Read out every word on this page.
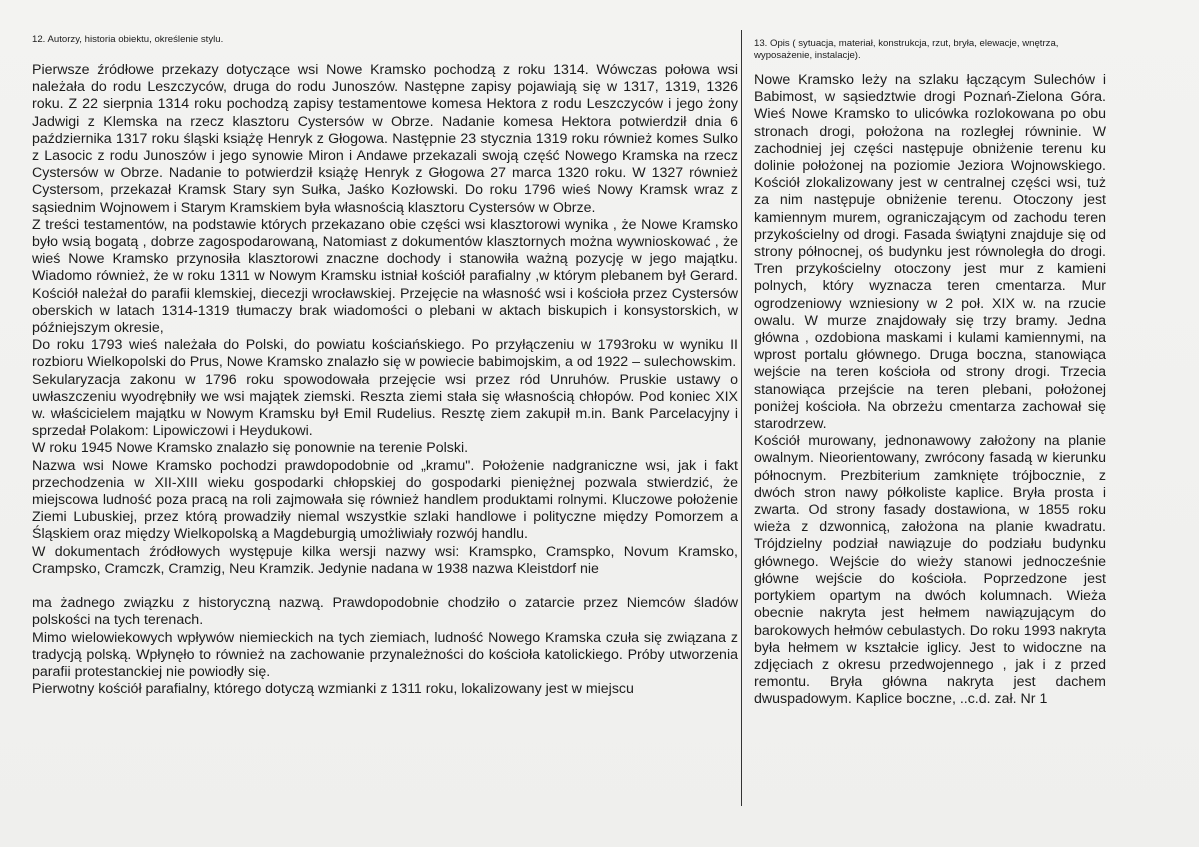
12. Autorzy, historia obiektu, określenie stylu.

Pierwsze źródłowe przekazy dotyczące wsi Nowe Kramsko pochodzą z roku 1314. Wówczas połowa wsi należała do rodu Leszczyców, druga do rodu Junoszów. Następne zapisy pojawiają się w 1317, 1319, 1326 roku. Z 22 sierpnia 1314 roku pochodzą zapisy testamentowe komesa Hektora z rodu Leszczyców i jego żony Jadwigi z Klemska na rzecz klasztoru Cystersów w Obrze. Nadanie komesa Hektora potwierdził dnia 6 października 1317 roku śląski książę Henryk z Głogowa. Następnie 23 stycznia 1319 roku również komes Sulko z Lasocic z rodu Junoszów i jego synowie Miron i Andawe przekazali swoją część Nowego Kramska na rzecz Cystersów w Obrze. Nadanie to potwierdził książę Henryk z Głogowa 27 marca 1320 roku. W 1327 również Cystersom, przekazał Kramsk Stary syn Sułka, Jaśko Kozłowski. Do roku 1796 wieś Nowy Kramsk wraz z sąsiednim Wojnowem i Starym Kramskiem była własnością klasztoru Cystersów w Obrze.

Z treści testamentów, na podstawie których przekazano obie części wsi klasztorowi wynika , że Nowe Kramsko było wsią bogatą , dobrze zagospodarowaną, Natomiast z dokumentów klasztornych można wywnioskować , że wieś Nowe Kramsko przynosiła klasztorowi znaczne dochody i stanowiła ważną pozycję w jego majątku. Wiadomo również, że w roku 1311 w Nowym Kramsku istniał kościół parafialny ,w którym plebanem był Gerard. Kościół należał do parafii klemskiej, diecezji wrocławskiej. Przejęcie na własność wsi i kościoła przez Cystersów oberskich w latach 1314-1319 tłumaczy brak wiadomości o plebani w aktach biskupich i konsystorskich, w późniejszym okresie,

Do roku 1793 wieś należała do Polski, do powiatu kościańskiego. Po przyłączeniu w 1793roku w wyniku II rozbioru Wielkopolski do Prus, Nowe Kramsko znalazło się w powiecie babimojskim, a od 1922 – sulechowskim.

Sekularyzacja zakonu w 1796 roku spowodowała przejęcie wsi przez ród Unruhów. Pruskie ustawy o uwłaszczeniu wyodrębniły we wsi majątek ziemski. Reszta ziemi stała się własnością chłopów. Pod koniec XIX w. właścicielem majątku w Nowym Kramsku był Emil Rudelius. Resztę ziem zakupił m.in. Bank Parcelacyjny i sprzedał Polakom: Lipowiczowi i Heydukowi.

W roku 1945 Nowe Kramsko znalazło się ponownie na terenie Polski.

Nazwa wsi Nowe Kramsko pochodzi prawdopodobnie od „kramu". Położenie nadgraniczne wsi, jak i fakt przechodzenia w XII-XIII wieku gospodarki chłopskiej do gospodarki pieniężnej pozwala stwierdzić, że miejscowa ludność poza pracą na roli zajmowała się również handlem produktami rolnymi. Kluczowe położenie Ziemi Lubuskiej, przez którą prowadziły niemal wszystkie szlaki handlowe i polityczne między Pomorzem a Śląskiem oraz między Wielkopolską a Magdeburgią umożliwiały rozwój handlu.

W dokumentach źródłowych występuje kilka wersji nazwy wsi: Kramspko, Cramspko, Novum Kramsko, Crampsko, Cramczk, Cramzig, Neu Kramzik. Jedynie nadana w 1938 nazwa Kleistdorf nie

ma żadnego związku z historyczną nazwą. Prawdopodobnie chodziło o zatarcie przez Niemców śladów polskości na tych terenach.

Mimo wielowiekowych wpływów niemieckich na tych ziemiach, ludność Nowego Kramska czuła się związana z tradycją polską. Wpłynęło to również na zachowanie przynależności do kościoła katolickiego. Próby utworzenia parafii protestanckiej nie powiodły się.

Pierwotny kościół parafialny, którego dotyczą wzmianki z 1311 roku, lokalizowany jest w miejscu

13. Opis ( sytuacja, materiał, konstrukcja, rzut, bryła, elewacje, wnętrza, wyposażenie, instalacje).

Nowe Kramsko leży na szlaku łączącym Sulechów i Babimost, w sąsiedztwie drogi Poznań-Zielona Góra. Wieś Nowe Kramsko to ulicówka rozlokowana po obu stronach drogi, położona na rozległej równinie. W zachodniej jej części następuje obniżenie terenu ku dolinie położonej na poziomie Jeziora Wojnowskiego. Kościół zlokalizowany jest w centralnej części wsi, tuż za nim następuje obniżenie terenu. Otoczony jest kamiennym murem, ograniczającym od zachodu teren przykościelny od drogi. Fasada świątyni znajduje się od strony północnej, oś budynku jest równoległa do drogi. Tren przykościelny otoczony jest mur z kamieni polnych, który wyznacza teren cmentarza. Mur ogrodzeniowy wzniesiony w 2 poł. XIX w. na rzucie owalu. W murze znajdowały się trzy bramy. Jedna główna , ozdobiona maskami i kulami kamiennymi, na wprost portalu głównego. Druga boczna, stanowiąca wejście na teren kościoła od strony drogi. Trzecia stanowiąca przejście na teren plebani, położonej poniżej kościoła. Na obrzeżu cmentarza zachował się starodrzew.

Kościół murowany, jednonawowy założony na planie owalnym. Nieorientowany, zwrócony fasadą w kierunku północnym. Prezbiterium zamknięte trójbocznie, z dwóch stron nawy półkoliste kaplice. Bryła prosta i zwarta. Od strony fasady dostawiona, w 1855 roku wieża z dzwonnicą, założona na planie kwadratu. Trójdzielny podział nawiązuje do podziału budynku głównego. Wejście do wieży stanowi jednocześnie główne wejście do kościoła. Poprzedzone jest portykiem opartym na dwóch kolumnach. Wieża obecnie nakryta jest hełmem nawiązującym do barokowych hełmów cebulastych. Do roku 1993 nakryta była hełmem w kształcie iglicy. Jest to widoczne na zdjęciach z okresu przedwojennego , jak i z przed remontu. Bryła główna nakryta jest dachem dwuspadowym. Kaplice boczne, ..c.d. zał. Nr 1
